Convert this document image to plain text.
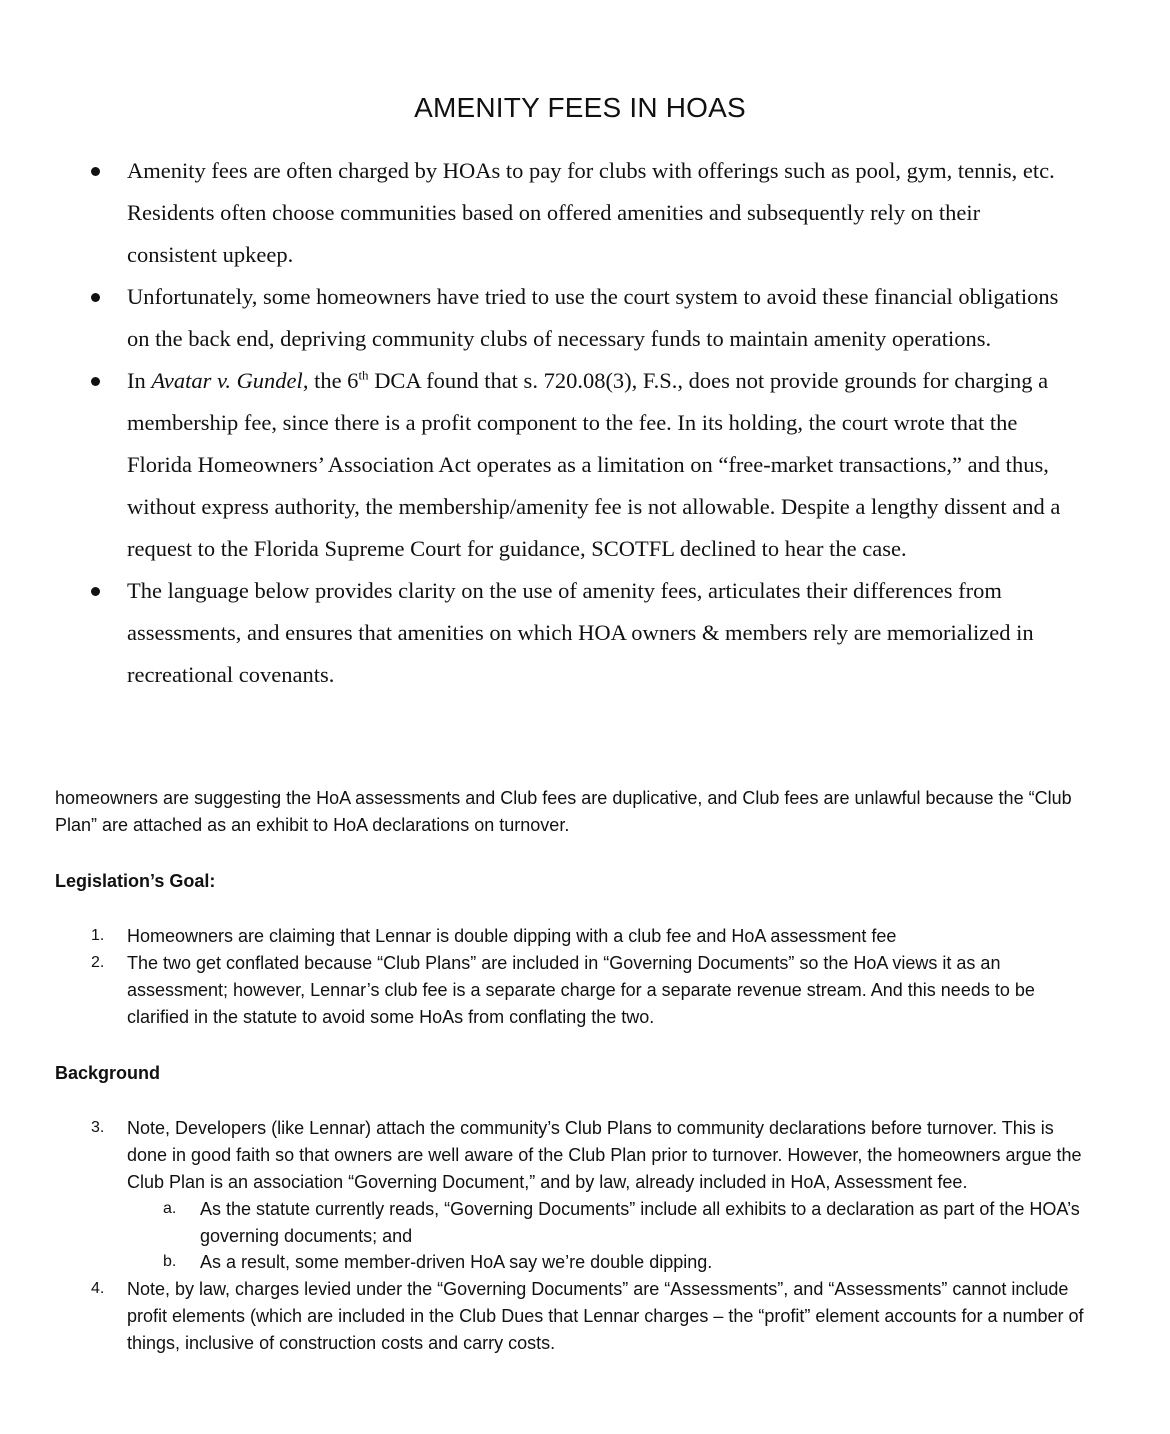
AMENITY FEES IN HOAS
Amenity fees are often charged by HOAs to pay for clubs with offerings such as pool, gym, tennis, etc. Residents often choose communities based on offered amenities and subsequently rely on their consistent upkeep.
Unfortunately, some homeowners have tried to use the court system to avoid these financial obligations on the back end, depriving community clubs of necessary funds to maintain amenity operations.
In Avatar v. Gundel, the 6th DCA found that s. 720.08(3), F.S., does not provide grounds for charging a membership fee, since there is a profit component to the fee. In its holding, the court wrote that the Florida Homeowners’ Association Act operates as a limitation on “free-market transactions,” and thus, without express authority, the membership/amenity fee is not allowable. Despite a lengthy dissent and a request to the Florida Supreme Court for guidance, SCOTFL declined to hear the case.
The language below provides clarity on the use of amenity fees, articulates their differences from assessments, and ensures that amenities on which HOA owners & members rely are memorialized in recreational covenants.

homeowners are suggesting the HoA assessments and Club fees are duplicative, and Club fees are unlawful because the “Club Plan” are attached as an exhibit to HoA declarations on turnover.

Legislation’s Goal:

1. Homeowners are claiming that Lennar is double dipping with a club fee and HoA assessment fee
2. The two get conflated because “Club Plans” are included in “Governing Documents” so the HoA views it as an assessment; however, Lennar’s club fee is a separate charge for a separate revenue stream. And this needs to be clarified in the statute to avoid some HoAs from conflating the two.

Background

3. Note, Developers (like Lennar) attach the community’s Club Plans to community declarations before turnover. This is done in good faith so that owners are well aware of the Club Plan prior to turnover. However, the homeowners argue the Club Plan is an association “Governing Document,” and by law, already included in HoA, Assessment fee.
a. As the statute currently reads, “Governing Documents” include all exhibits to a declaration as part of the HOA’s governing documents; and
b. As a result, some member-driven HoA say we’re double dipping.
4. Note, by law, charges levied under the “Governing Documents” are “Assessments”, and “Assessments” cannot include profit elements (which are included in the Club Dues that Lennar charges – the “profit” element accounts for a number of things, inclusive of construction costs and carry costs.
